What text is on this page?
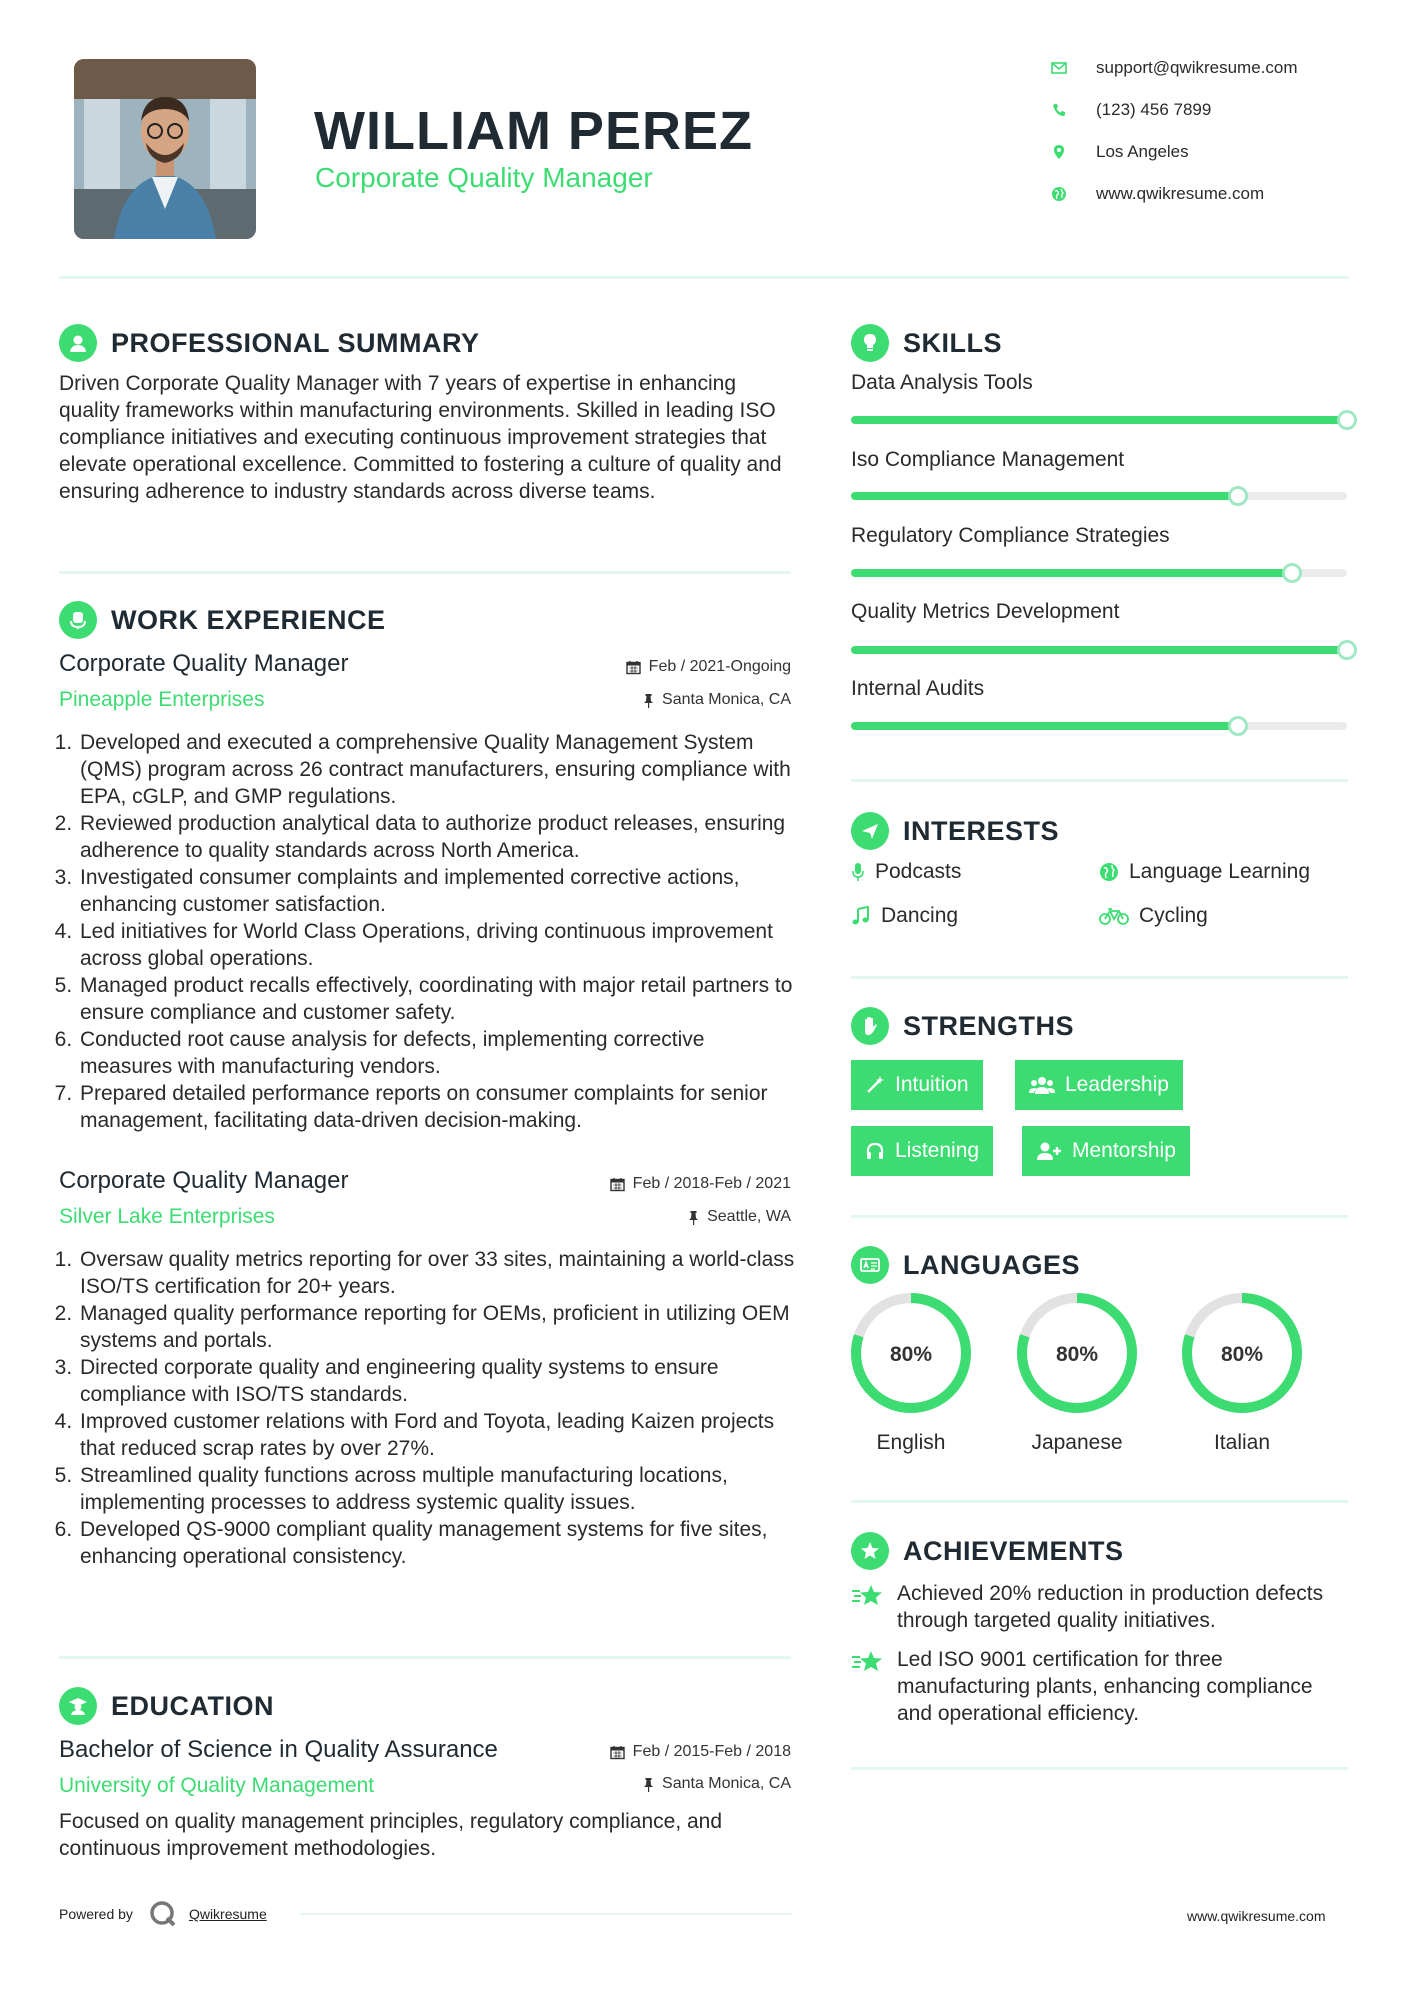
WILLIAM PEREZ
Corporate Quality Manager
support@qwikresume.com
(123) 456 7899
Los Angeles
www.qwikresume.com
PROFESSIONAL SUMMARY
Driven Corporate Quality Manager with 7 years of expertise in enhancing quality frameworks within manufacturing environments. Skilled in leading ISO compliance initiatives and executing continuous improvement strategies that elevate operational excellence. Committed to fostering a culture of quality and ensuring adherence to industry standards across diverse teams.
WORK EXPERIENCE
Corporate Quality Manager	Feb / 2021-Ongoing
Pineapple Enterprises	Santa Monica, CA
1. Developed and executed a comprehensive Quality Management System (QMS) program across 26 contract manufacturers, ensuring compliance with EPA, cGLP, and GMP regulations.
2. Reviewed production analytical data to authorize product releases, ensuring adherence to quality standards across North America.
3. Investigated consumer complaints and implemented corrective actions, enhancing customer satisfaction.
4. Led initiatives for World Class Operations, driving continuous improvement across global operations.
5. Managed product recalls effectively, coordinating with major retail partners to ensure compliance and customer safety.
6. Conducted root cause analysis for defects, implementing corrective measures with manufacturing vendors.
7. Prepared detailed performance reports on consumer complaints for senior management, facilitating data-driven decision-making.
Corporate Quality Manager	Feb / 2018-Feb / 2021
Silver Lake Enterprises	Seattle, WA
1. Oversaw quality metrics reporting for over 33 sites, maintaining a world-class ISO/TS certification for 20+ years.
2. Managed quality performance reporting for OEMs, proficient in utilizing OEM systems and portals.
3. Directed corporate quality and engineering quality systems to ensure compliance with ISO/TS standards.
4. Improved customer relations with Ford and Toyota, leading Kaizen projects that reduced scrap rates by over 27%.
5. Streamlined quality functions across multiple manufacturing locations, implementing processes to address systemic quality issues.
6. Developed QS-9000 compliant quality management systems for five sites, enhancing operational consistency.
EDUCATION
Bachelor of Science in Quality Assurance	Feb / 2015-Feb / 2018
University of Quality Management	Santa Monica, CA
Focused on quality management principles, regulatory compliance, and continuous improvement methodologies.
Powered by	Qwikresume
SKILLS
Data Analysis Tools
Iso Compliance Management
Regulatory Compliance Strategies
Quality Metrics Development
Internal Audits
INTERESTS
Podcasts	Language Learning
Dancing	Cycling
STRENGTHS
Intuition	Leadership
Listening	Mentorship
LANGUAGES
80%
English
80%
Japanese
80%
Italian
ACHIEVEMENTS
Achieved 20% reduction in production defects through targeted quality initiatives.
Led ISO 9001 certification for three manufacturing plants, enhancing compliance and operational efficiency.
www.qwikresume.com
